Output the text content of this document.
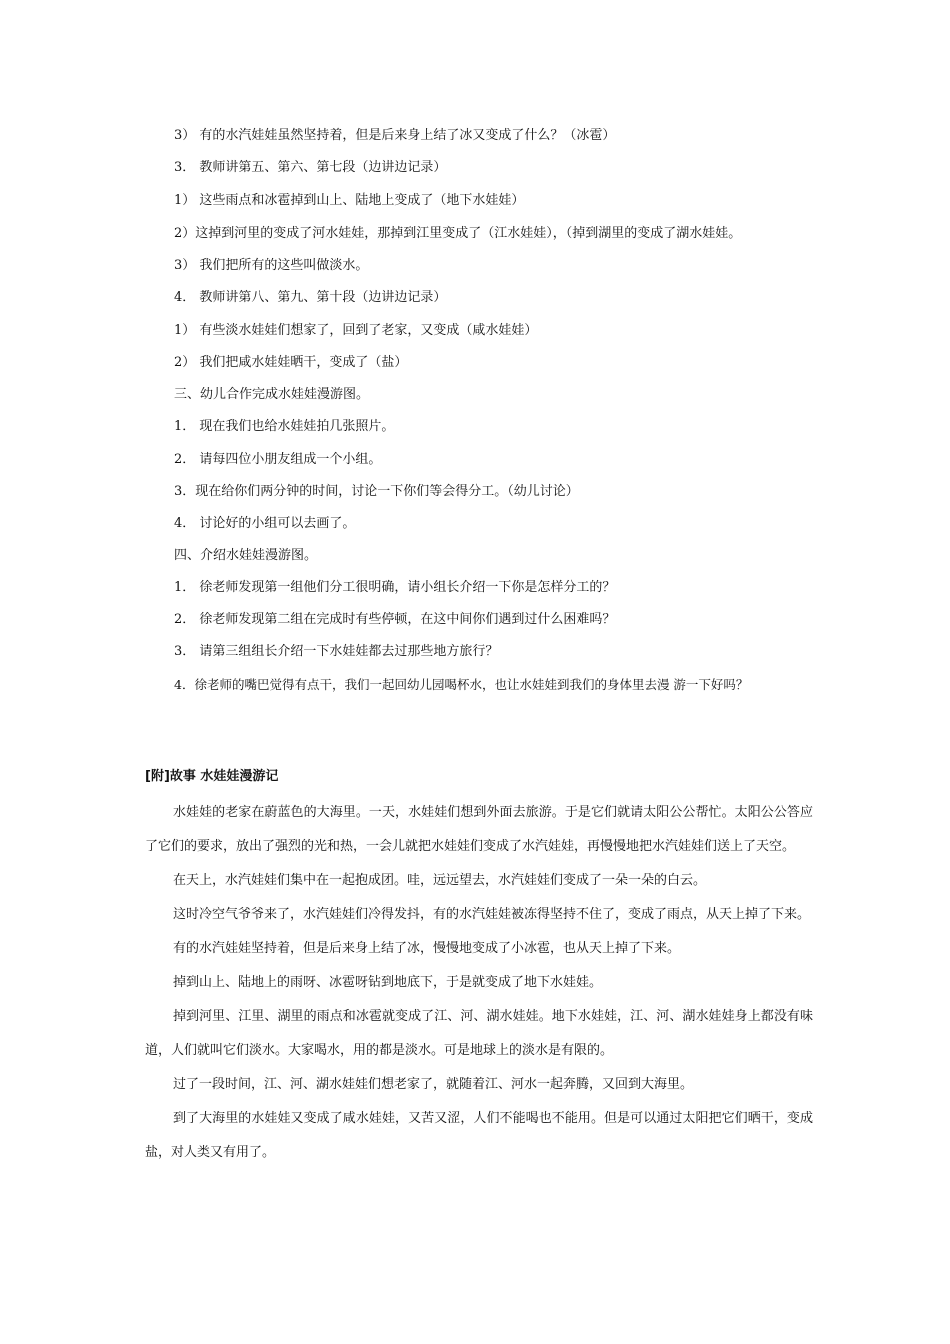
3） 有的水汽娃娃虽然坚持着，但是后来身上结了冰又变成了什么？（冰雹）
3． 教师讲第五、第六、第七段（边讲边记录）
1） 这些雨点和冰雹掉到山上、陆地上变成了（地下水娃娃）
2）这掉到河里的变成了河水娃娃，那掉到江里变成了（江水娃娃），（掉到湖里的变成了湖水娃娃。
3） 我们把所有的这些叫做淡水。
4． 教师讲第八、第九、第十段（边讲边记录）
1） 有些淡水娃娃们想家了，回到了老家，又变成（咸水娃娃）
2） 我们把咸水娃娃晒干，变成了（盐）
三、幼儿合作完成水娃娃漫游图。
1． 现在我们也给水娃娃拍几张照片。
2． 请每四位小朋友组成一个小组。
3．现在给你们两分钟的时间，讨论一下你们等会得分工。（幼儿讨论）
4． 讨论好的小组可以去画了。
四、介绍水娃娃漫游图。
1． 徐老师发现第一组他们分工很明确，请小组长介绍一下你是怎样分工的？
2． 徐老师发现第二组在完成时有些停顿，在这中间你们遇到过什么困难吗？
3． 请第三组组长介绍一下水娃娃都去过那些地方旅行？
4．徐老师的嘴巴觉得有点干，我们一起回幼儿园喝杯水，也让水娃娃到我们的身体里去漫 游一下好吗？
[附]故事 水娃娃漫游记

水娃娃的老家在蔚蓝色的大海里。一天，水娃娃们想到外面去旅游。于是它们就请太阳公公帮忙。太阳公公答应了它们的要求，放出了强烈的光和热，一会儿就把水娃娃们变成了水汽娃娃，再慢慢地把水汽娃娃们送上了天空。

在天上，水汽娃娃们集中在一起抱成团。哇，远远望去，水汽娃娃们变成了一朵一朵的白云。

这时冷空气爷爷来了，水汽娃娃们冷得发抖，有的水汽娃娃被冻得坚持不住了，变成了雨点，从天上掉了下来。

有的水汽娃娃坚持着，但是后来身上结了冰，慢慢地变成了小冰雹，也从天上掉了下来。

掉到山上、陆地上的雨呀、冰雹呀钻到地底下，于是就变成了地下水娃娃。

掉到河里、江里、湖里的雨点和冰雹就变成了江、河、湖水娃娃。地下水娃娃，江、河、湖水娃娃身上都没有味道，人们就叫它们淡水。大家喝水，用的都是淡水。可是地球上的淡水是有限的。

过了一段时间，江、河、湖水娃娃们想老家了，就随着江、河水一起奔腾，又回到大海里。

到了大海里的水娃娃又变成了咸水娃娃，又苦又涩，人们不能喝也不能用。但是可以通过太阳把它们晒干，变成盐，对人类又有用了。
